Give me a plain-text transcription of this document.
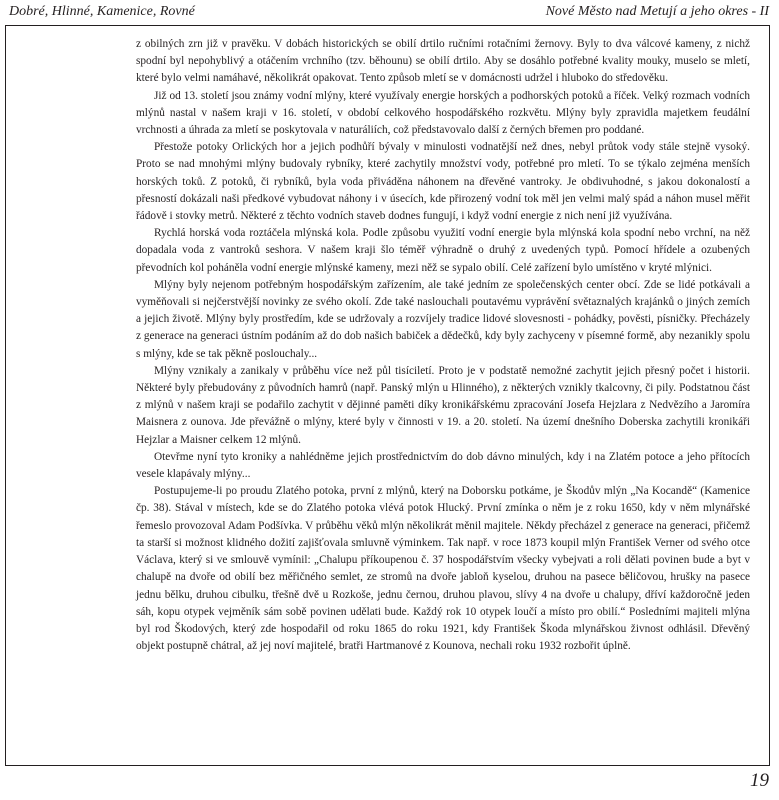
Dobré, Hlinné, Kamenice, Rovné	Nové Město nad Metují a jeho okres - II

z obilných zrn již v pravěku. V dobách historických se obilí drtilo ručními rotačními žernovy. Byly to dva válcové kameny, z nichž spodní byl nepohyblivý a otáčením vrchního (tzv. běhounu) se obilí drtilo. Aby se dosáhlo potřebné kvality mouky, muselo se mletí, které bylo velmi namáhavé, několikrát opakovat. Tento způsob mletí se v domácnosti udržel i hluboko do středověku.

Již od 13. století jsou známy vodní mlýny, které využívaly energie horských a podhorských potoků a říček. Velký rozmach vodních mlýnů nastal v našem kraji v 16. století, v období celkového hospodářského rozkvětu. Mlýny byly zpravidla majetkem feudální vrchnosti a úhrada za mletí se poskytovala v naturáliích, což představovalo další z černých břemen pro poddané.

Přestože potoky Orlických hor a jejich podhůří bývaly v minulosti vodnatější než dnes, nebyl průtok vody stále stejně vysoký. Proto se nad mnohými mlýny budovaly rybníky, které zachytily množství vody, potřebné pro mletí. To se týkalo zejména menších horských toků. Z potoků, či rybníků, byla voda přiváděna náhonem na dřevěné vantroky. Je obdivuhodné, s jakou dokonalostí a přesností dokázali naši předkové vybudovat náhony i v úsecích, kde přirozený vodní tok měl jen velmi malý spád a náhon musel měřit řádově i stovky metrů. Některé z těchto vodních staveb dodnes fungují, i když vodní energie z nich není již využívána.

Rychlá horská voda roztáčela mlýnská kola. Podle způsobu využití vodní energie byla mlýnská kola spodní nebo vrchní, na něž dopadala voda z vantroků seshora. V našem kraji šlo téměř výhradně o druhý z uvedených typů. Pomocí hřídele a ozubených převodních kol poháněla vodní energie mlýnské kameny, mezi něž se sypalo obilí. Celé zařízení bylo umístěno v kryté mlýnici.

Mlýny byly nejenom potřebným hospodářským zařízením, ale také jedním ze společenských center obcí. Zde se lidé potkávali a vyměňovali si nejčerstvější novinky ze svého okolí. Zde také naslouchali poutavému vyprávění světaznalých krajánků o jiných zemích a jejich životě. Mlýny byly prostředím, kde se udržovaly a rozvíjely tradice lidové slovesnosti - pohádky, pověsti, písničky. Přecházely z generace na generaci ústním podáním až do dob našich babiček a dědečků, kdy byly zachyceny v písemné formě, aby nezanikly spolu s mlýny, kde se tak pěkně poslouchaly...

Mlýny vznikaly a zanikaly v průběhu více než půl tisíciletí. Proto je v podstatě nemožné zachytit jejich přesný počet i historii. Některé byly přebudovány z původních hamrů (např. Panský mlýn u Hlinného), z některých vznikly tkalcovny, či pily. Podstatnou část z mlýnů v našem kraji se podařilo zachytit v dějinné paměti díky kronikářskému zpracování Josefa Hejzlara z Nedvězího a Jaromíra Maisnera z ounova. Jde převážně o mlýny, které byly v činnosti v 19. a 20. století. Na území dnešního Doberska zachytili kronikáři Hejzlar a Maisner celkem 12 mlýnů.

Otevřme nyní tyto kroniky a nahlédněme jejich prostřednictvím do dob dávno minulých, kdy i na Zlatém potoce a jeho přítocích vesele klapávaly mlýny...

Postupujeme-li po proudu Zlatého potoka, první z mlýnů, který na Doborsku potkáme, je Škodův mlýn „Na Kocandě“ (Kamenice čp. 38). Stával v místech, kde se do Zlatého potoka vlévá potok Hlucký. První zmínka o něm je z roku 1650, kdy v něm mlynářské řemeslo provozoval Adam Podšívka. V průběhu věků mlýn několikrát měnil majitele. Někdy přecházel z generace na generaci, přičemž ta starší si možnost klidného dožití zajišťovala smluvně výminkem. Tak např. v roce 1873 koupil mlýn František Verner od svého otce Václava, který si ve smlouvě vymínil: „Chalupu příkoupenou č. 37 hospodářstvím všecky vybejvati a roli dělati povinen bude a byt v chalupě na dvoře od obilí bez měřičného semlet, ze stromů na dvoře jabloň kyselou, druhou na pasece běličovou, hrušky na pasece jednu bělku, druhou cibulku, třešně dvě u Rozkoše, jednu černou, druhou plavou, slívy 4 na dvoře u chalupy, dříví každoročně jeden sáh, kopu otypek vejměník sám sobě povinen udělati bude. Každý rok 10 otypek loučí a místo pro obilí.“ Posledními majiteli mlýna byl rod Škodových, který zde hospodařil od roku 1865 do roku 1921, kdy František Škoda mlynářskou živnost odhlásil. Dřevěný objekt postupně chátral, až jej noví majitelé, bratři Hartmanové z Kounova, nechali roku 1932 rozbořit úplně.

19
